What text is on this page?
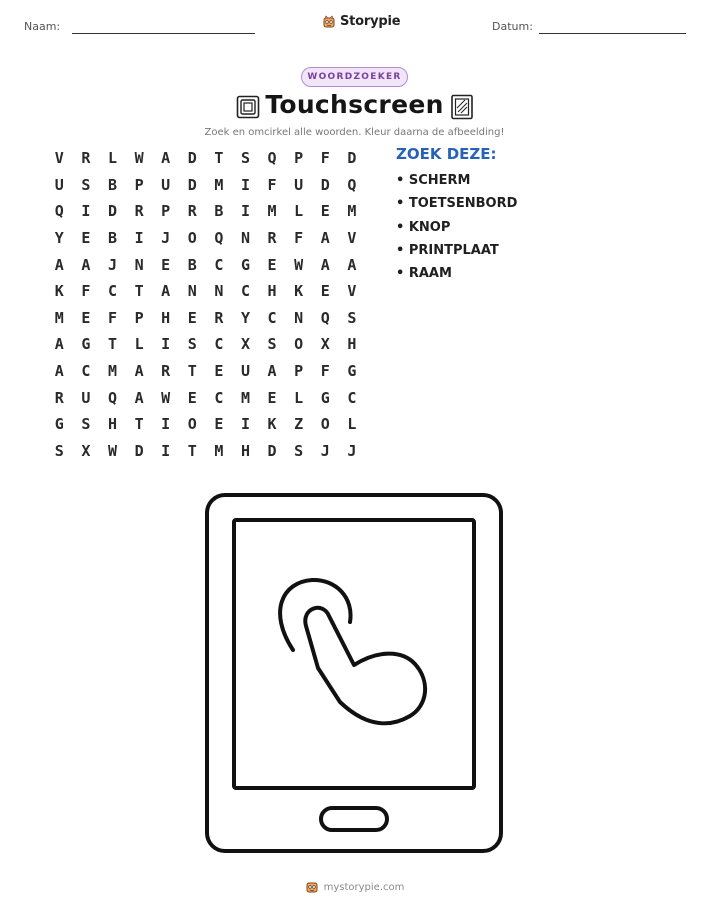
Naam:	Storypie	Datum:
WOORDZOEKER
Touchscreen
Zoek en omcirkel alle woorden. Kleur daarna de afbeelding!
V	R	L	W	A	D	T	S	Q	P	F	D
U	S	B	P	U	D	M	I	F	U	D	Q
Q	I	D	R	P	R	B	I	M	L	E	M
Y	E	B	I	J	O	Q	N	R	F	A	V
A	A	J	N	E	B	C	G	E	W	A	A
K	F	C	T	A	N	N	C	H	K	E	V
M	E	F	P	H	E	R	Y	C	N	Q	S
A	G	T	L	I	S	C	X	S	O	X	H
A	C	M	A	R	T	E	U	A	P	F	G
R	U	Q	A	W	E	C	M	E	L	G	C
G	S	H	T	I	O	E	I	K	Z	O	L
S	X	W	D	I	T	M	H	D	S	J	J
ZOEK DEZE:
• SCHERM
• TOETSENBORD
• KNOP
• PRINTPLAAT
• RAAM
mystorypie.com
